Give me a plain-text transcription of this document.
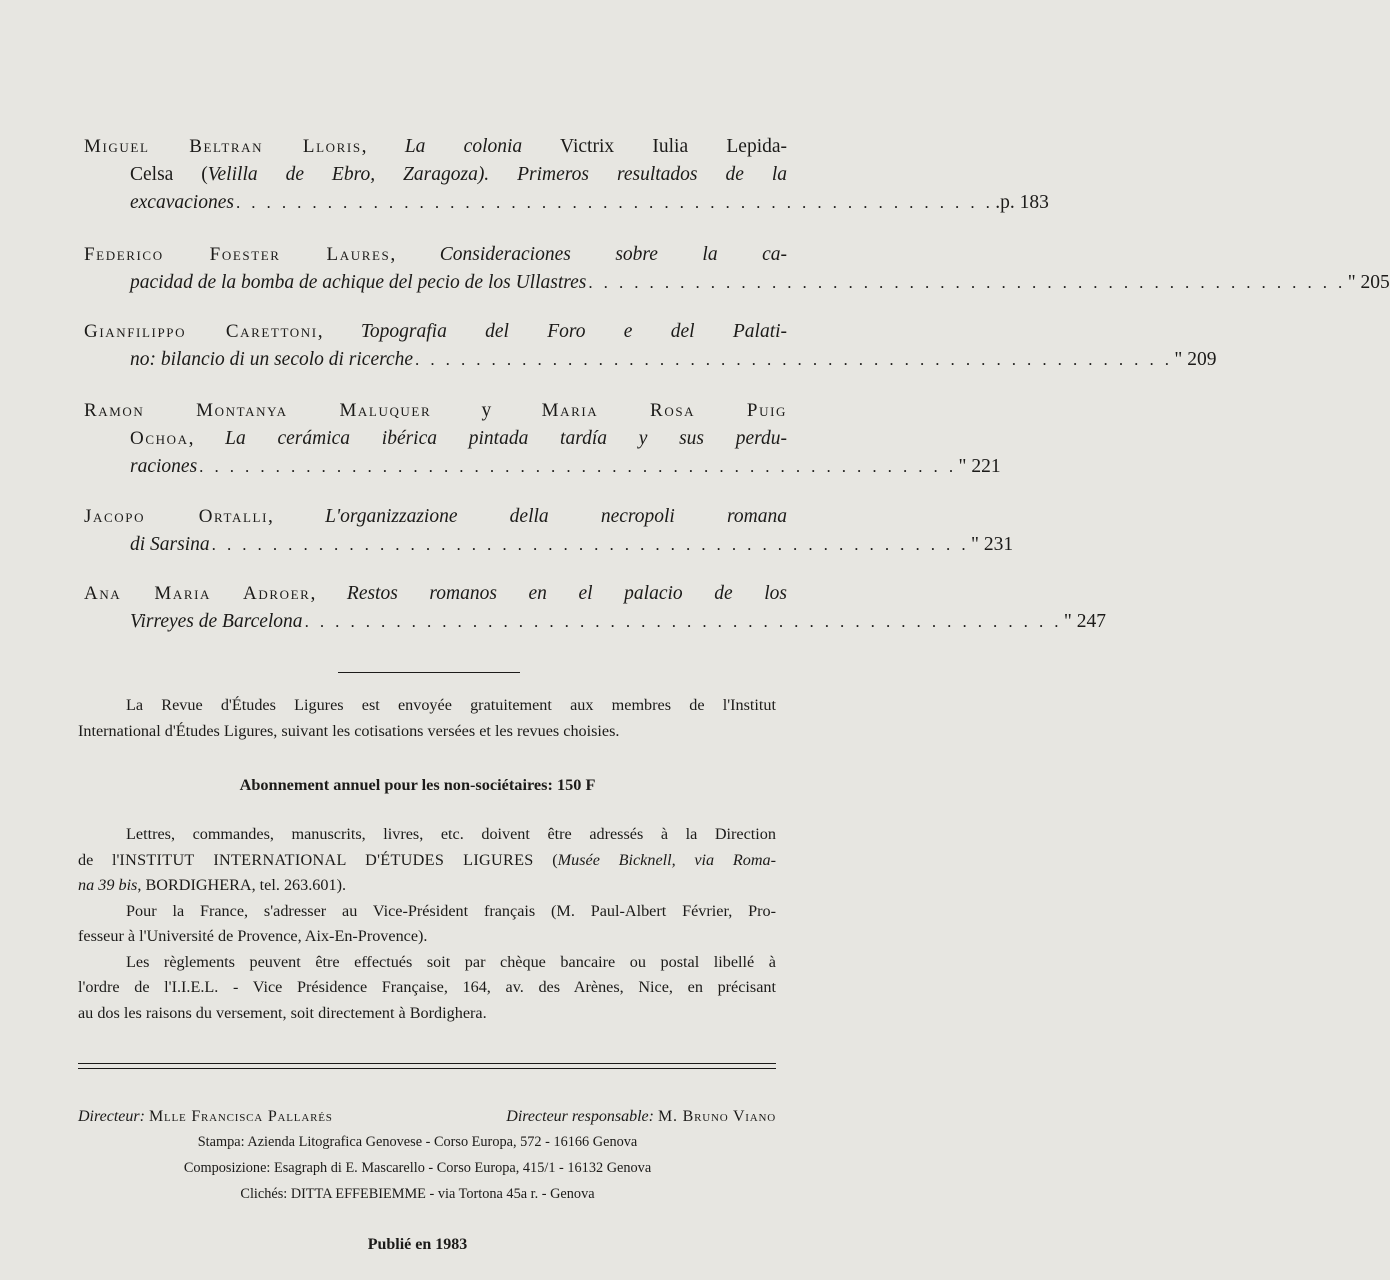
Miguel Beltran Lloris, La colonia Victrix Iulia Lepida-
Celsa (Velilla de Ebro, Zaragoza). Primeros resultados de la
excavaciones . . . . . . . . . . . . . . . . . . . . . . . . . . . . . . . . . . . . . . . . . . . . . . . . . . .p. 183
Federico Foester Laures, Consideraciones sobre la ca-
pacidad de la bomba de achique del pecio de los Ullastres . . . . . . . . . . . . . . . . . . . . . . . . . . . . . . . . . . . . . . . . . . . . . . . . . . " 205
Gianfilippo Carettoni, Topografia del Foro e del Palati-
no: bilancio di un secolo di ricerche . . . . . . . . . . . . . . . . . . . . . . . . . . . . . . . . . . . . . . . . . . . . . . . . . . " 209
Ramon Montanya Maluquer y Maria Rosa Puig
Ochoa, La cerámica ibérica pintada tardía y sus perdu-
raciones . . . . . . . . . . . . . . . . . . . . . . . . . . . . . . . . . . . . . . . . . . . . . . . . . . " 221
Jacopo Ortalli, L'organizzazione della necropoli romana
di Sarsina . . . . . . . . . . . . . . . . . . . . . . . . . . . . . . . . . . . . . . . . . . . . . . . . . . " 231
Ana Maria Adroer, Restos romanos en el palacio de los
Virreyes de Barcelona . . . . . . . . . . . . . . . . . . . . . . . . . . . . . . . . . . . . . . . . . . . . . . . . . . " 247
La Revue d'Études Ligures est envoyée gratuitement aux membres de l'Institut
International d'Études Ligures, suivant les cotisations versées et les revues choisies.
Abonnement annuel pour les non-sociétaires: 150 F
Lettres, commandes, manuscrits, livres, etc. doivent être adressés à la Direction
de l'INSTITUT INTERNATIONAL D'ÉTUDES LIGURES (Musée Bicknell, via Roma-
na 39 bis, BORDIGHERA, tel. 263.601).
Pour la France, s'adresser au Vice-Président français (M. Paul-Albert Février, Pro-
fesseur à l'Université de Provence, Aix-En-Provence).
Les règlements peuvent être effectués soit par chèque bancaire ou postal libellé à
l'ordre de l'I.I.E.L. - Vice Présidence Française, 164, av. des Arènes, Nice, en précisant
au dos les raisons du versement, soit directement à Bordighera.
Directeur: Mlle Francisca Pallarés	Directeur responsable: M. Bruno Viano
Stampa: Azienda Litografica Genovese - Corso Europa, 572 - 16166 Genova
Composizione: Esagraph di E. Mascarello - Corso Europa, 415/1 - 16132 Genova
Clichés: DITTA EFFEBIEMME - via Tortona 45a r. - Genova
Publié en 1983
